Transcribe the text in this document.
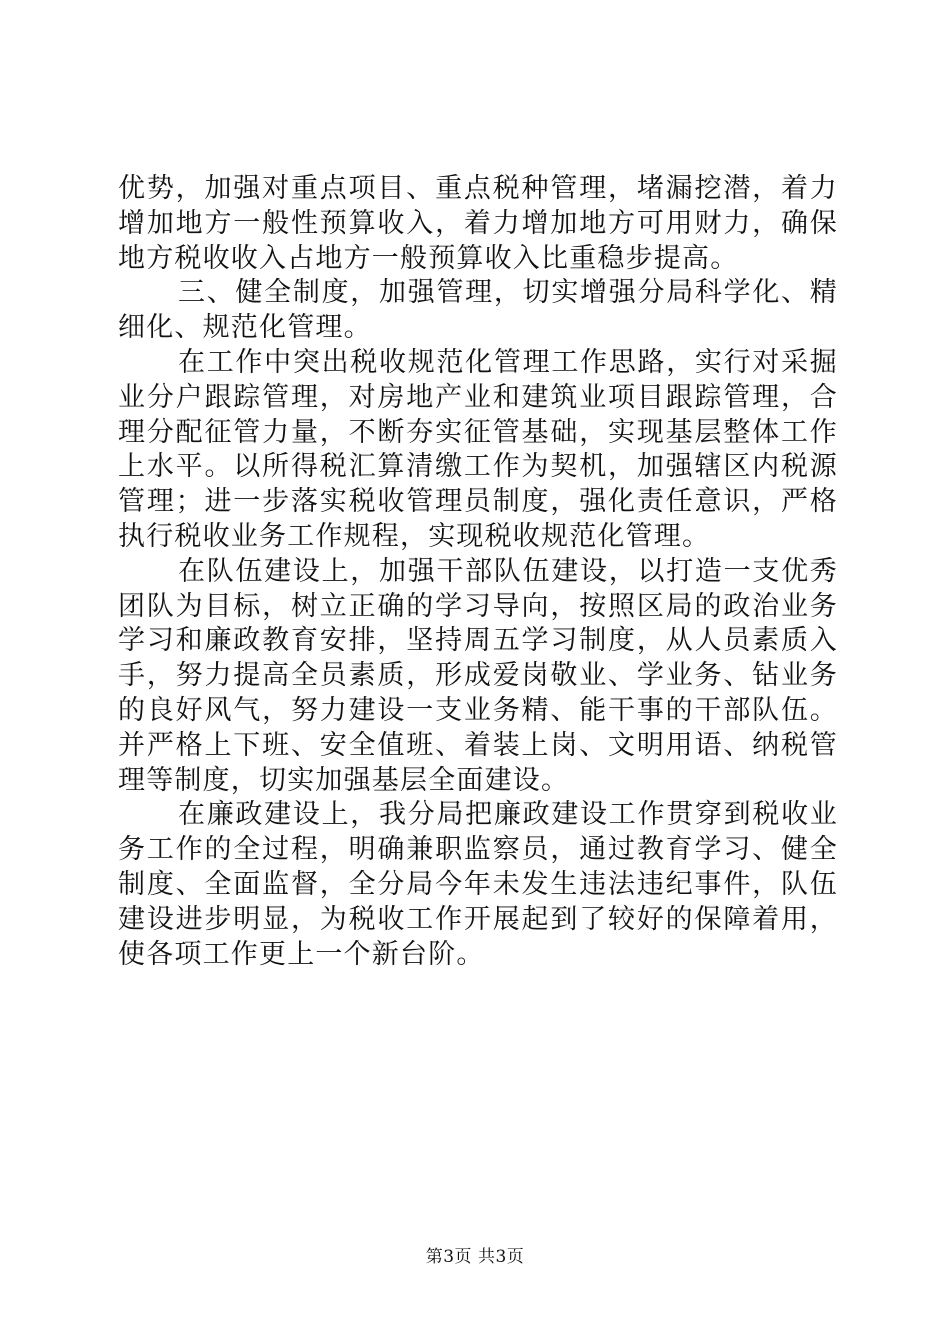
优势，加强对重点项目、重点税种管理，堵漏挖潜，着力增加地方一般性预算收入，着力增加地方可用财力，确保地方税收收入占地方一般预算收入比重稳步提高。

三、健全制度，加强管理，切实增强分局科学化、精细化、规范化管理。

在工作中突出税收规范化管理工作思路，实行对采掘业分户跟踪管理，对房地产业和建筑业项目跟踪管理，合理分配征管力量，不断夯实征管基础，实现基层整体工作上水平。以所得税汇算清缴工作为契机，加强辖区内税源管理；进一步落实税收管理员制度，强化责任意识，严格执行税收业务工作规程，实现税收规范化管理。

在队伍建设上，加强干部队伍建设，以打造一支优秀团队为目标，树立正确的学习导向，按照区局的政治业务学习和廉政教育安排，坚持周五学习制度，从人员素质入手，努力提高全员素质，形成爱岗敬业、学业务、钻业务的良好风气，努力建设一支业务精、能干事的干部队伍。并严格上下班、安全值班、着装上岗、文明用语、纳税管理等制度，切实加强基层全面建设。

在廉政建设上，我分局把廉政建设工作贯穿到税收业务工作的全过程，明确兼职监察员，通过教育学习、健全制度、全面监督，全分局今年未发生违法违纪事件，队伍建设进步明显，为税收工作开展起到了较好的保障着用，使各项工作更上一个新台阶。

第3页 共3页
